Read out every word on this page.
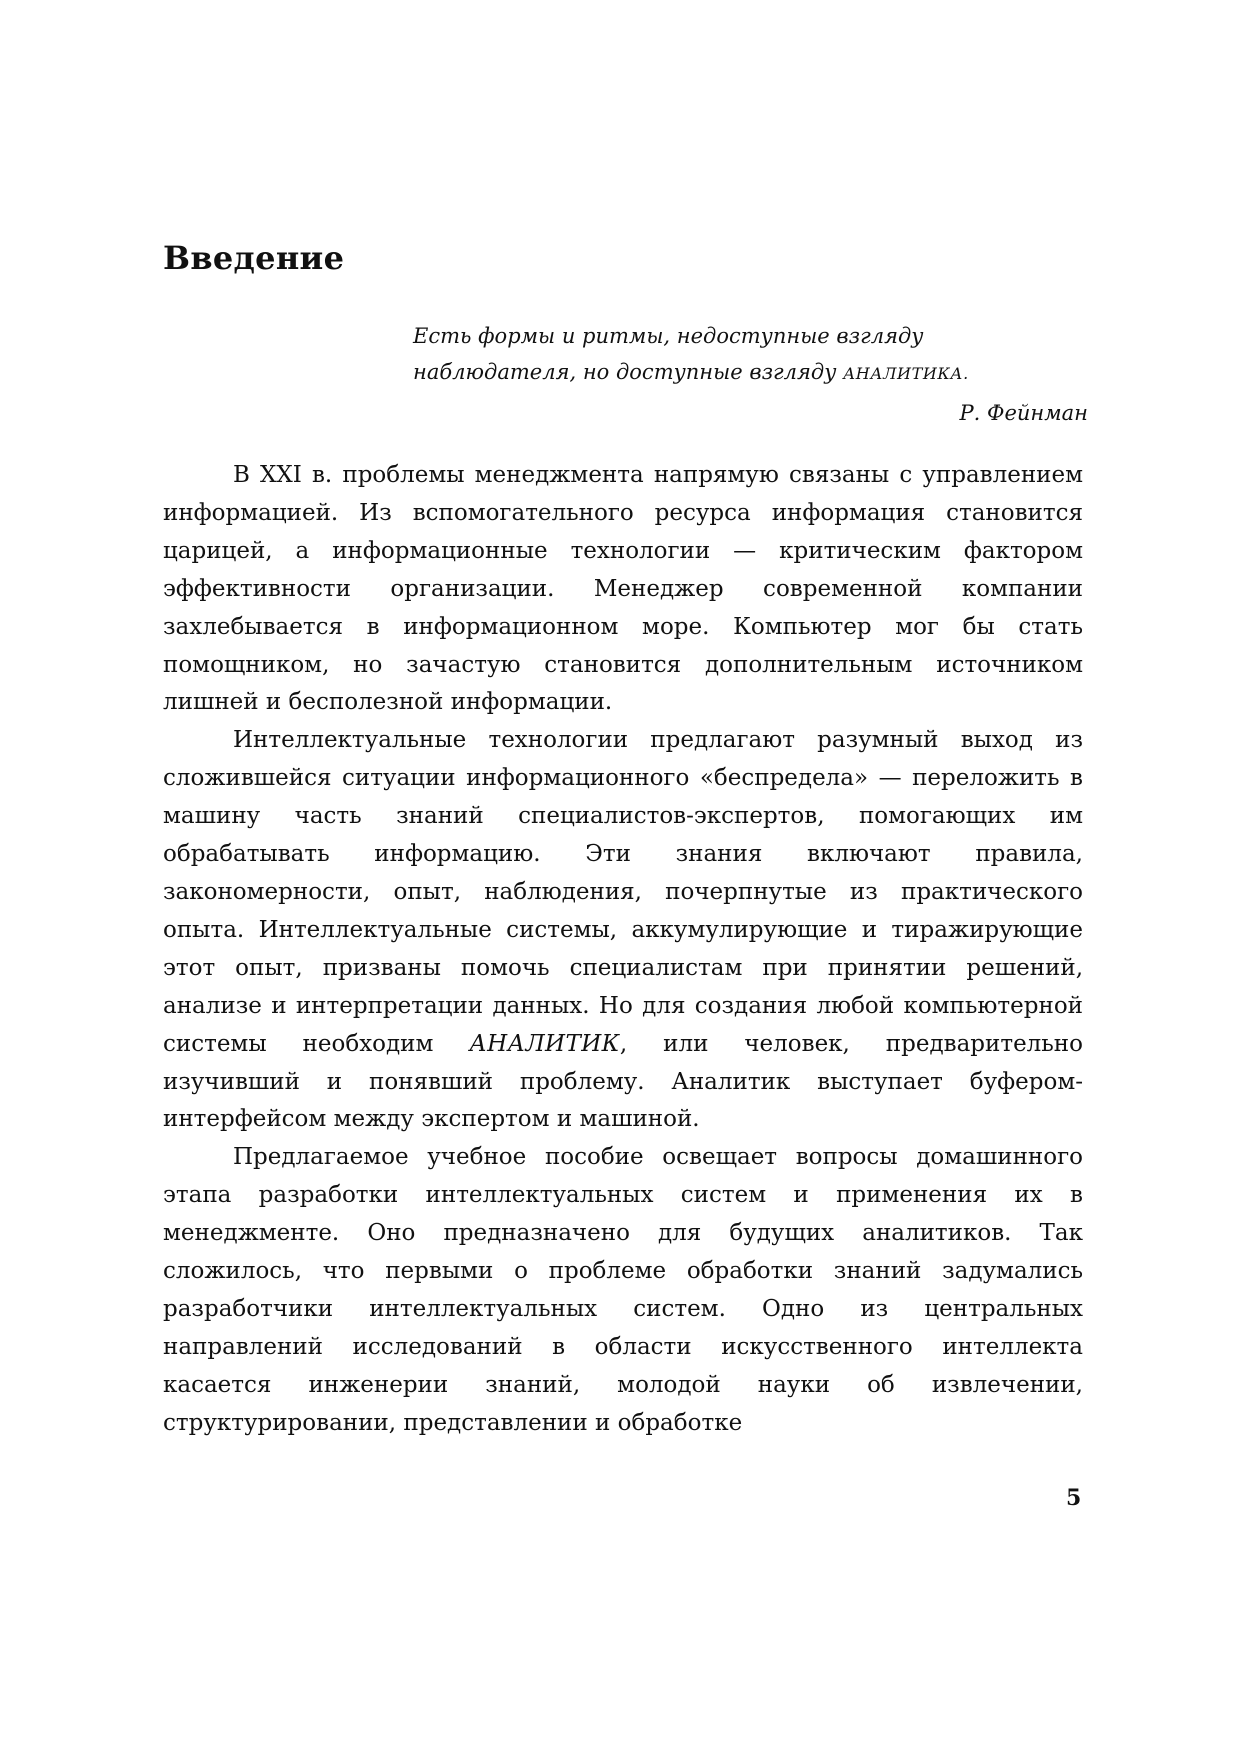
Введение
Есть формы и ритмы, недоступные взгляду
наблюдателя, но доступные взгляду АНАЛИТИКА.
Р. Фейнман

В XXI в. проблемы менеджмента напрямую связаны с управлением информацией. Из вспомогательного ресурса информация становится царицей, а информационные технологии — критическим фактором эффективности организации. Менеджер современной компании захлебывается в информационном море. Компьютер мог бы стать помощником, но зачастую становится дополнительным источником лишней и бесполезной информации.

Интеллектуальные технологии предлагают разумный выход из сложившейся ситуации информационного «беспредела» — переложить в машину часть знаний специалистов-экспертов, помогающих им обрабатывать информацию. Эти знания включают правила, закономерности, опыт, наблюдения, почерпнутые из практического опыта. Интеллектуальные системы, аккумулирующие и тиражирующие этот опыт, призваны помочь специалистам при принятии решений, анализе и интерпретации данных. Но для создания любой компьютерной системы необходим АНАЛИТИК, или человек, предварительно изучивший и понявший проблему. Аналитик выступает буфером-интерфейсом между экспертом и машиной.

Предлагаемое учебное пособие освещает вопросы домашинного этапа разработки интеллектуальных систем и применения их в менеджменте. Оно предназначено для будущих аналитиков. Так сложилось, что первыми о проблеме обработки знаний задумались разработчики интеллектуальных систем. Одно из центральных направлений исследований в области искусственного интеллекта касается инженерии знаний, молодой науки об извлечении, структурировании, представлении и обработке

5
